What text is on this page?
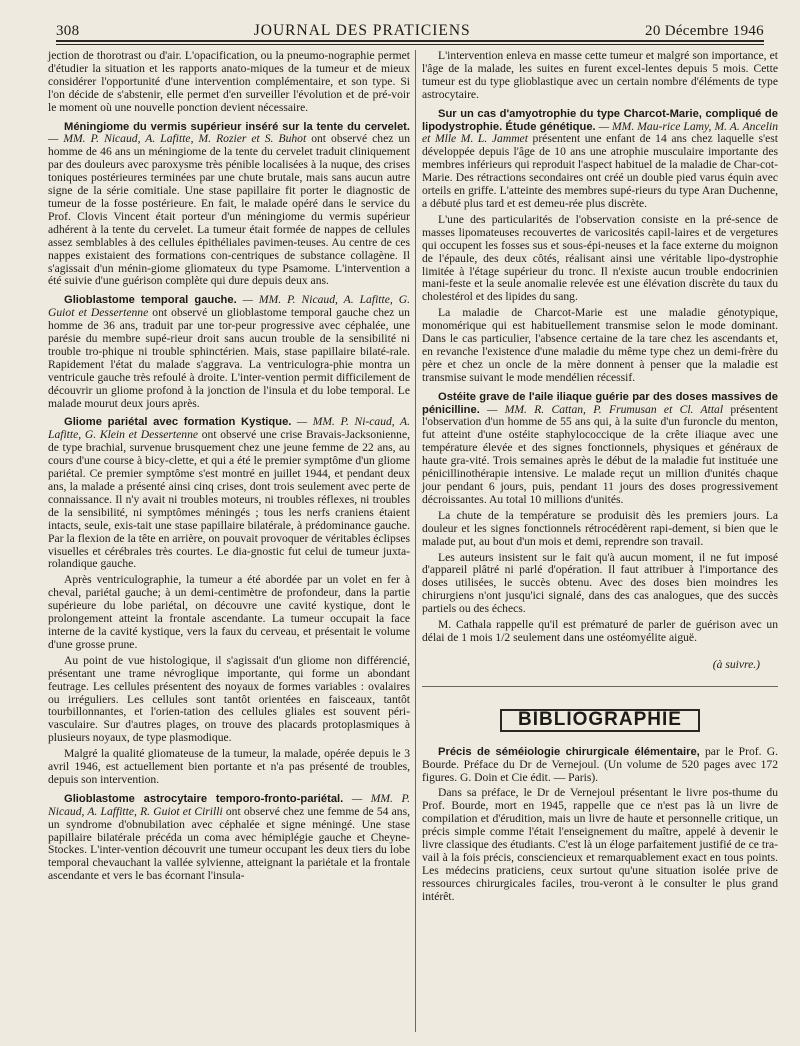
308	JOURNAL DES PRATICIENS	20 Décembre 1946

jection de thorotrast ou d'air. L'opacification, ou la pneumo-nographie permet d'étudier la situation et les rapports anato-miques de la tumeur et de mieux considérer l'opportunité d'une intervention complémentaire, et son type. Si l'on décide de s'abstenir, elle permet d'en surveiller l'évolution et de pré-voir le moment où une nouvelle ponction devient nécessaire.

Méningiome du vermis supérieur inséré sur la tente du cervelet. — MM. P. Nicaud, A. Lafitte, M. Rozier et S. Buhot ont observé chez un homme de 46 ans un méningiome de la tente du cervelet traduit cliniquement par des douleurs avec paroxysme très pénible localisées à la nuque, des crises toniques postérieures terminées par une chute brutale, mais sans aucun autre signe de la série comitiale. Une stase papillaire fit porter le diagnostic de tumeur de la fosse postérieure. En fait, le malade opéré dans le service du Prof. Clovis Vincent était porteur d'un méningiome du vermis supérieur adhérent à la tente du cervelet. La tumeur était formée de nappes de cellules assez semblables à des cellules épithéliales pavimen-teuses. Au centre de ces nappes existaient des formations con-centriques de substance collagène. Il s'agissait d'un ménin-giome gliomateux du type Psamome. L'intervention a été suivie d'une guérison complète qui dure depuis deux ans.

Glioblastome temporal gauche. — MM. P. Nicaud, A. Lafitte, G. Guiot et Dessertenne ont observé un glioblastome temporal gauche chez un homme de 36 ans, traduit par une tor-peur progressive avec céphalée, une parésie du membre supé-rieur droit sans aucun trouble de la sensibilité ni trouble tro-phique ni trouble sphinctérien. Mais, stase papillaire bilaté-rale. Rapidement l'état du malade s'aggrava. La ventriculogra-phie montra un ventricule gauche très refoulé à droite. L'inter-vention permit difficilement de découvrir un gliome profond à la jonction de l'insula et du lobe temporal. Le malade mourut deux jours après.

Gliome pariétal avec formation Kystique. — MM. P. Ni-caud, A. Lafitte, G. Klein et Dessertenne ont observé une crise Bravais-Jacksonienne, de type brachial, survenue brusquement chez une jeune femme de 22 ans, au cours d'une course à bicy-clette, et qui a été le premier symptôme d'un gliome pariétal. Ce premier symptôme s'est montré en juillet 1944, et pendant deux ans, la malade a présenté ainsi cinq crises, dont trois seulement avec perte de connaissance. Il n'y avait ni troubles moteurs, ni troubles réflexes, ni troubles de la sensibilité, ni symptômes méningés ; tous les nerfs craniens étaient intacts, seule, exis-tait une stase papillaire bilatérale, à prédominance gauche. Par la flexion de la tête en arrière, on pouvait provoquer de véritables éclipses visuelles et cérébrales très courtes. Le dia-gnostic fut celui de tumeur juxta-rolandique gauche.

Après ventriculographie, la tumeur a été abordée par un volet en fer à cheval, pariétal gauche; à un demi-centimètre de profondeur, dans la partie supérieure du lobe pariétal, on découvre une cavité kystique, dont le prolongement atteint la frontale ascendante. La tumeur occupait la face interne de la cavité kystique, vers la faux du cerveau, et présentait le volume d'une grosse prune.

Au point de vue histologique, il s'agissait d'un gliome non différencié, présentant une trame névroglique importante, qui forme un abondant feutrage. Les cellules présentent des noyaux de formes variables : ovalaires ou irréguliers. Les cellules sont tantôt orientées en faisceaux, tantôt tourbillonnantes, et l'orien-tation des cellules gliales est souvent péri-vasculaire. Sur d'autres plages, on trouve des placards protoplasmiques à plusieurs noyaux, de type plasmodique.

Malgré la qualité gliomateuse de la tumeur, la malade, opérée depuis le 3 avril 1946, est actuellement bien portante et n'a pas présenté de troubles, depuis son intervention.

Glioblastome astrocytaire temporo-fronto-pariétal. — MM. P. Nicaud, A. Laffitte, R. Guiot et Cirilli ont observé chez une femme de 54 ans, un syndrome d'obnubilation avec céphalée et signe méningé. Une stase papillaire bilatérale précéda un coma avec hémiplégie gauche et Cheyne-Stockes. L'inter-vention découvrit une tumeur occupant les deux tiers du lobe temporal chevauchant la vallée sylvienne, atteignant la pariétale et la frontale ascendante et vers le bas écornant l'insula-

L'intervention enleva en masse cette tumeur et malgré son importance, et l'âge de la malade, les suites en furent excel-lentes depuis 5 mois. Cette tumeur est du type glioblastique avec un certain nombre d'éléments de type astrocytaire.

Sur un cas d'amyotrophie du type Charcot-Marie, compliqué de lipodystrophie. Étude génétique. — MM. Mau-rice Lamy, M. A. Ancelin et Mlle M. L. Jammet présentent une enfant de 14 ans chez laquelle s'est développée depuis l'âge de 10 ans une atrophie musculaire importante des membres inférieurs qui reproduit l'aspect habituel de la maladie de Char-cot-Marie. Des rétractions secondaires ont créé un double pied varus équin avec orteils en griffe. L'atteinte des membres supé-rieurs du type Aran Duchenne, a débuté plus tard et est demeu-rée plus discrète.

L'une des particularités de l'observation consiste en la pré-sence de masses lipomateuses recouvertes de varicosités capil-laires et de vergetures qui occupent les fosses sus et sous-épi-neuses et la face externe du moignon de l'épaule, des deux côtés, réalisant ainsi une véritable lipo-dystrophie limitée à l'étage supérieur du tronc. Il n'existe aucun trouble endocrinien mani-feste et la seule anomalie relevée est une élévation discrète du taux du cholestérol et des lipides du sang.

La maladie de Charcot-Marie est une maladie génotypique, monomérique qui est habituellement transmise selon le mode dominant. Dans le cas particulier, l'absence certaine de la tare chez les ascendants et, en revanche l'existence d'une maladie du même type chez un demi-frère du père et chez un oncle de la mère donnent à penser que la maladie est transmise suivant le mode mendélien récessif.

Ostéite grave de l'aile iliaque guérie par des doses massives de pénicilline. — MM. R. Cattan, P. Frumusan et Cl. Attal présentent l'observation d'un homme de 55 ans qui, à la suite d'un furoncle du menton, fut atteint d'une ostéite staphylococcique de la crête iliaque avec une température élevée et des signes fonctionnels, physiques et généraux de haute gra-vité. Trois semaines après le début de la maladie fut instituée une pénicillinothérapie intensive. Le malade reçut un million d'unités chaque jour pendant 6 jours, puis, pendant 11 jours des doses progressivement décroissantes. Au total 10 millions d'unités.

La chute de la température se produisit dès les premiers jours. La douleur et les signes fonctionnels rétrocédèrent rapi-dement, si bien que le malade put, au bout d'un mois et demi, reprendre son travail.

Les auteurs insistent sur le fait qu'à aucun moment, il ne fut imposé d'appareil plâtré ni parlé d'opération. Il faut attribuer à l'importance des doses utilisées, le succès obtenu. Avec des doses bien moindres les chirurgiens n'ont jusqu'ici signalé, dans des cas analogues, que des succès partiels ou des échecs.

M. Cathala rappelle qu'il est prématuré de parler de guérison avec un délai de 1 mois 1/2 seulement dans une ostéomyélite aiguë.

(à suivre.)
BIBLIOGRAPHIE

Précis de séméiologie chirurgicale élémentaire, par le Prof. G. Bourde. Préface du Dr de Vernejoul. (Un volume de 520 pages avec 172 figures. G. Doin et Cie édit. — Paris).

Dans sa préface, le Dr de Vernejoul présentant le livre pos-thume du Prof. Bourde, mort en 1945, rappelle que ce n'est pas là un livre de compilation et d'érudition, mais un livre de haute et personnelle critique, un précis simple comme l'était l'enseignement du maître, appelé à devenir le livre classique des étudiants. C'est là un éloge parfaitement justifié de ce tra-vail à la fois précis, consciencieux et remarquablement exact en tous points. Les médecins praticiens, ceux surtout qu'une situation isolée prive de ressources chirurgicales faciles, trou-veront à le consulter le plus grand intérêt.
